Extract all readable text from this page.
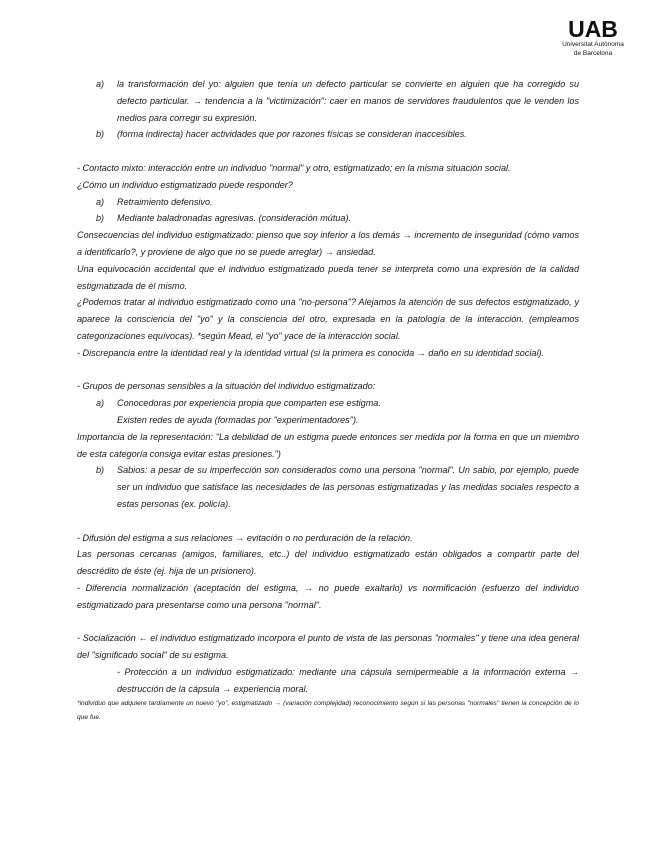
UAB
Universitat Autònoma
de Barcelona
a) la transformación del yo: alguien que tenía un defecto particular se convierte en alguien que ha corregido su defecto particular. → tendencia a la "victimización": caer en manos de servidores fraudulentos que le venden los medios para corregir su expresión.
b) (forma indirecta) hacer actividades que por razones físicas se consideran inaccesibles.

- Contacto mixto: interacción entre un individuo "normal" y otro, estigmatizado; en la misma situación social.

¿Cómo un individuo estigmatizado puede responder?

a) Retraimiento defensivo.
b) Mediante baladronadas agresivas. (consideración mútua).

Consecuencias del individuo estigmatizado: pienso que soy inferior a los demás → incremento de inseguridad (cómo vamos a identificarlo?, y proviene de algo que no se puede arreglar) → ansiedad.

Una equivocación accidental que el individuo estigmatizado pueda tener se interpreta como una expresión de la calidad estigmatizada de él mismo.

¿Podemos tratar al individuo estigmatizado como una "no-persona"? Alejamos la atención de sus defectos estigmatizado, y aparece la consciencia del "yo" y la consciencia del otro, expresada en la patología de la interacción. (empleamos categorizaciones equívocas). *según Mead, el "yo" yace de la interacción social.

- Discrepancia entre la identidad real y la identidad virtual (si la primera es conocida → daño en su identidad social).

- Grupos de personas sensibles a la situación del individuo estigmatizado:

a) Conocedoras por experiencia propia que comparten ese estigma.

Existen redes de ayuda (formadas por "experimentadores").

Importancia de la representación: "La debilidad de un estigma puede entonces ser medida por la forma en que un miembro de esta categoría consiga evitar estas presiones.")

b) Sabios: a pesar de su imperfección son considerados como una persona "normal". Un sabio, por ejemplo, puede ser un individuo que satisface las necesidades de las personas estigmatizadas y las medidas sociales respecto a estas personas (ex. policía).

- Difusión del estigma a sus relaciones → evitación o no perduración de la relación.

Las personas cercanas (amigos, familiares, etc..) del individuo estigmatizado están obligados a compartir parte del descrédito de éste (ej. hija de un prisionero).

- Diferencia normalización (aceptación del estigma, → no puede exaltarlo) vs normificación (esfuerzo del individuo estigmatizado para presentarse como una persona "normal".

- Socialización ← el individuo estigmatizado incorpora el punto de vista de las personas "normales" y tiene una idea general del "significado social" de su estigma.

- Protección a un individuo estigmatizado: mediante una cápsula semipermeable a la información externa → destrucción de la cápsula → experiencia moral.

*individuo que adquiere tardíamente un nuevo "yo", estigmatizado → (variación complejidad) reconocimiento según si las personas "normales" tienen la concepción de lo que fue.
